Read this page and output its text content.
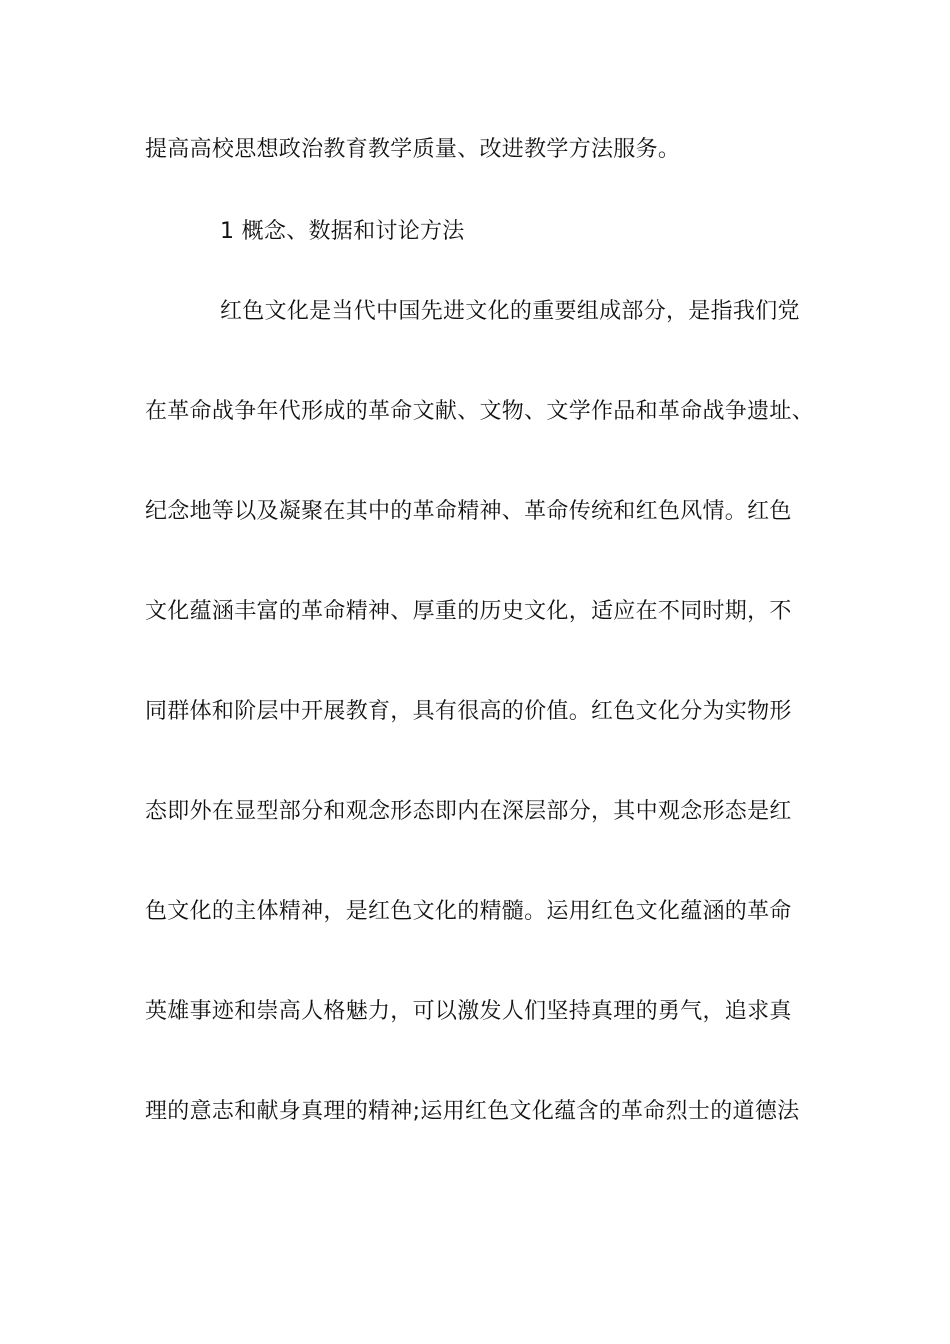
提高高校思想政治教育教学质量、改进教学方法服务。
1 概念、数据和讨论方法
红色文化是当代中国先进文化的重要组成部分，是指我们党
在革命战争年代形成的革命文献、文物、文学作品和革命战争遗址、
纪念地等以及凝聚在其中的革命精神、革命传统和红色风情。红色
文化蕴涵丰富的革命精神、厚重的历史文化，适应在不同时期，不
同群体和阶层中开展教育，具有很高的价值。红色文化分为实物形
态即外在显型部分和观念形态即内在深层部分，其中观念形态是红
色文化的主体精神，是红色文化的精髓。运用红色文化蕴涵的革命
英雄事迹和崇高人格魅力，可以激发人们坚持真理的勇气，追求真
理的意志和献身真理的精神;运用红色文化蕴含的革命烈士的道德法
